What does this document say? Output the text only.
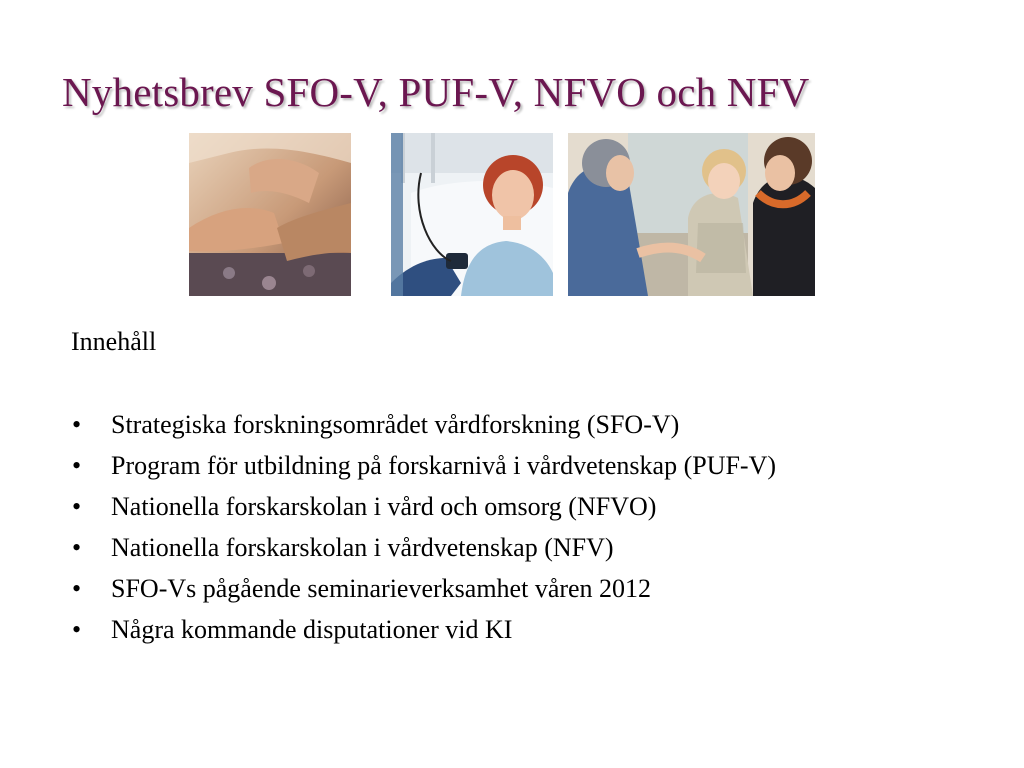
Nyhetsbrev SFO-V, PUF-V, NFVO och NFV
Innehåll
•	Strategiska forskningsområdet vårdforskning (SFO-V)
•	Program för utbildning på forskarnivå i vårdvetenskap (PUF-V)
•	Nationella forskarskolan i vård och omsorg (NFVO)
•	Nationella forskarskolan i vårdvetenskap (NFV)
•	SFO-Vs pågående seminarieverksamhet våren 2012
•	Några kommande disputationer vid KI
